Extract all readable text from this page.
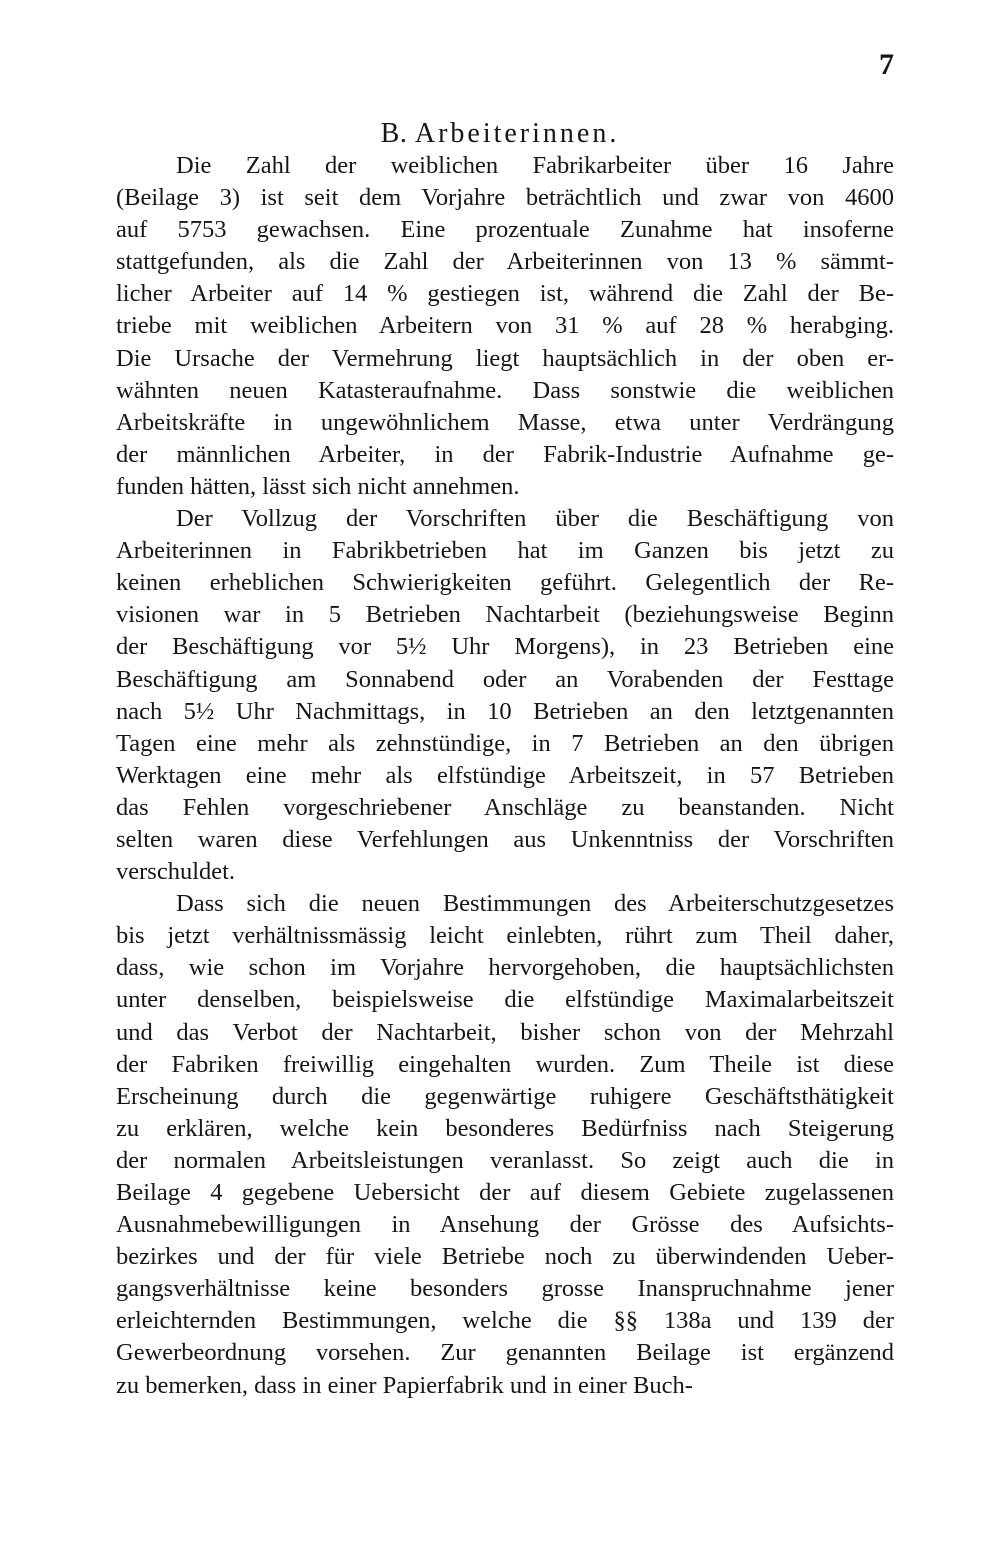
7
B. Arbeiterinnen.
Die Zahl der weiblichen Fabrikarbeiter über 16 Jahre
(Beilage 3) ist seit dem Vorjahre beträchtlich und zwar von 4600
auf 5753 gewachsen. Eine prozentuale Zunahme hat insoferne
stattgefunden, als die Zahl der Arbeiterinnen von 13 % sämmt-
licher Arbeiter auf 14 % gestiegen ist, während die Zahl der Be-
triebe mit weiblichen Arbeitern von 31 % auf 28 % herabging.
Die Ursache der Vermehrung liegt hauptsächlich in der oben er-
wähnten neuen Katasteraufnahme. Dass sonstwie die weiblichen
Arbeitskräfte in ungewöhnlichem Masse, etwa unter Verdrängung
der männlichen Arbeiter, in der Fabrik-Industrie Aufnahme ge-
funden hätten, lässt sich nicht annehmen.
Der Vollzug der Vorschriften über die Beschäftigung von
Arbeiterinnen in Fabrikbetrieben hat im Ganzen bis jetzt zu
keinen erheblichen Schwierigkeiten geführt. Gelegentlich der Re-
visionen war in 5 Betrieben Nachtarbeit (beziehungsweise Beginn
der Beschäftigung vor 5½ Uhr Morgens), in 23 Betrieben eine
Beschäftigung am Sonnabend oder an Vorabenden der Festtage
nach 5½ Uhr Nachmittags, in 10 Betrieben an den letztgenannten
Tagen eine mehr als zehnstündige, in 7 Betrieben an den übrigen
Werktagen eine mehr als elfstündige Arbeitszeit, in 57 Betrieben
das Fehlen vorgeschriebener Anschläge zu beanstanden. Nicht
selten waren diese Verfehlungen aus Unkenntniss der Vorschriften
verschuldet.
Dass sich die neuen Bestimmungen des Arbeiterschutzgesetzes
bis jetzt verhältnissmässig leicht einlebten, rührt zum Theil daher,
dass, wie schon im Vorjahre hervorgehoben, die hauptsächlichsten
unter denselben, beispielsweise die elfstündige Maximalarbeitszeit
und das Verbot der Nachtarbeit, bisher schon von der Mehrzahl
der Fabriken freiwillig eingehalten wurden. Zum Theile ist diese
Erscheinung durch die gegenwärtige ruhigere Geschäftsthätigkeit
zu erklären, welche kein besonderes Bedürfniss nach Steigerung
der normalen Arbeitsleistungen veranlasst. So zeigt auch die in
Beilage 4 gegebene Uebersicht der auf diesem Gebiete zugelassenen
Ausnahmebewilligungen in Ansehung der Grösse des Aufsichts-
bezirkes und der für viele Betriebe noch zu überwindenden Ueber-
gangsverhältnisse keine besonders grosse Inanspruchnahme jener
erleichternden Bestimmungen, welche die §§ 138a und 139 der
Gewerbeordnung vorsehen. Zur genannten Beilage ist ergänzend
zu bemerken, dass in einer Papierfabrik und in einer Buch-
